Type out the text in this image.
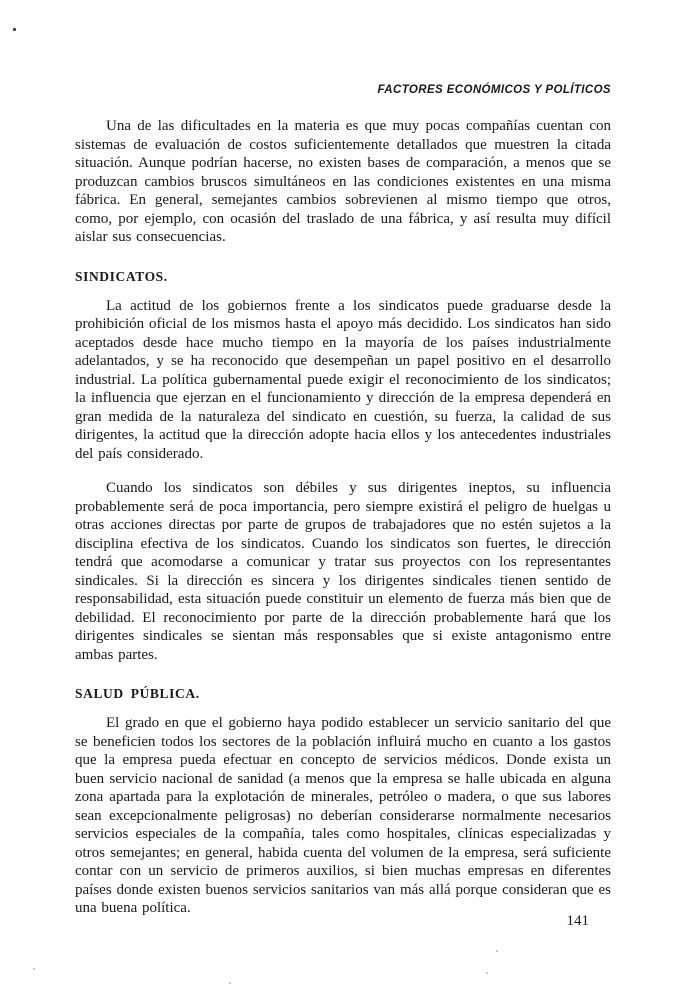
FACTORES ECONÓMICOS Y POLÍTICOS

Una de las dificultades en la materia es que muy pocas compañías cuentan con sistemas de evaluación de costos suficientemente detallados que muestren la citada situación. Aunque podrían hacerse, no existen bases de comparación, a menos que se produzcan cambios bruscos simultáneos en las condiciones existentes en una misma fábrica. En general, semejantes cambios sobrevienen al mismo tiempo que otros, como, por ejemplo, con ocasión del traslado de una fábrica, y así resulta muy difícil aislar sus consecuencias.

SINDICATOS.

La actitud de los gobiernos frente a los sindicatos puede graduarse desde la prohibición oficial de los mismos hasta el apoyo más decidido. Los sindicatos han sido aceptados desde hace mucho tiempo en la mayoría de los países industrialmente adelantados, y se ha reconocido que desempeñan un papel positivo en el desarrollo industrial. La política gubernamental puede exigir el reconocimiento de los sindicatos; la influencia que ejerzan en el funcionamiento y dirección de la empresa dependerá en gran medida de la naturaleza del sindicato en cuestión, su fuerza, la calidad de sus dirigentes, la actitud que la dirección adopte hacia ellos y los antecedentes industriales del país considerado.

Cuando los sindicatos son débiles y sus dirigentes ineptos, su influencia probablemente será de poca importancia, pero siempre existirá el peligro de huelgas u otras acciones directas por parte de grupos de trabajadores que no estén sujetos a la disciplina efectiva de los sindicatos. Cuando los sindicatos son fuertes, le dirección tendrá que acomodarse a comunicar y tratar sus proyectos con los representantes sindicales. Si la dirección es sincera y los dirigentes sindicales tienen sentido de responsabilidad, esta situación puede constituir un elemento de fuerza más bien que de debilidad. El reconocimiento por parte de la dirección probablemente hará que los dirigentes sindicales se sientan más responsables que si existe antagonismo entre ambas partes.

SALUD PÚBLICA.

El grado en que el gobierno haya podido establecer un servicio sanitario del que se beneficien todos los sectores de la población influirá mucho en cuanto a los gastos que la empresa pueda efectuar en concepto de servicios médicos. Donde exista un buen servicio nacional de sanidad (a menos que la empresa se halle ubicada en alguna zona apartada para la explotación de minerales, petróleo o madera, o que sus labores sean excepcionalmente peligrosas) no deberían considerarse normalmente necesarios servicios especiales de la compañía, tales como hospitales, clínicas especializadas y otros semejantes; en general, habida cuenta del volumen de la empresa, será suficiente contar con un servicio de primeros auxilios, si bien muchas empresas en diferentes países donde existen buenos servicios sanitarios van más allá porque consideran que es una buena política.

141
